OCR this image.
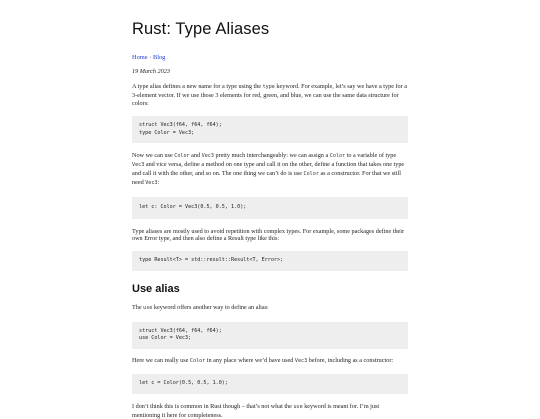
Rust: Type Aliases
Home · Blog
19 March 2023

A type alias defines a new name for a type using the type keyword. For example, let’s say we have a type for a 3-element vector. If we use those 3 elements for red, green, and blue, we can use the same data structure for colors:

struct Vec3(f64, f64, f64);
type Color = Vec3;

Now we can use Color and Vec3 pretty much interchangeably: we can assign a Color to a variable of type Vec3 and vice versa, define a method on one type and call it on the other, define a function that takes one type and call it with the other, and so on. The one thing we can’t do is use Color as a constructor. For that we still need Vec3:

let c: Color = Vec3(0.5, 0.5, 1.0);

Type aliases are mostly used to avoid repetition with complex types. For example, some packages define their own Error type, and then also define a Result type like this:

type Result<T> = std::result::Result<T, Error>;
Use alias

The use keyword offers another way to define an alias:

struct Vec3(f64, f64, f64);
use Color = Vec3;

Here we can really use Color in any place where we’d have used Vec3 before, including as a constructor:

let c = Color(0.5, 0.5, 1.0);

I don’t think this is common in Rust though – that’s not what the use keyword is meant for. I’m just mentioning it here for completeness.
